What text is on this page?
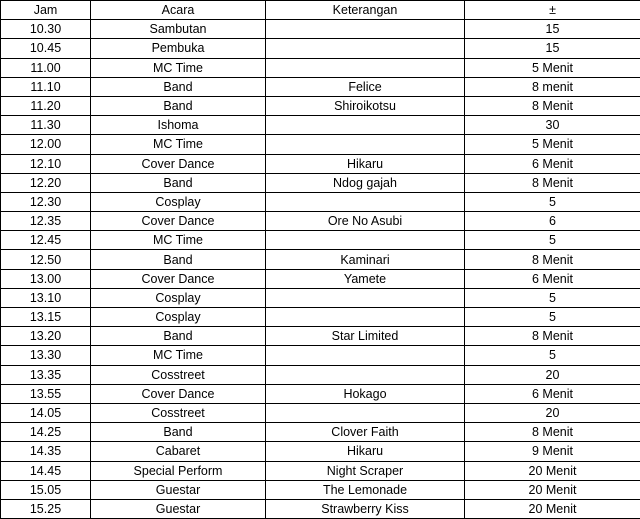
Jam	Acara	Keterangan	±
10.30	Sambutan		15
10.45	Pembuka		15
11.00	MC Time		5 Menit
11.10	Band	Felice	8 menit
11.20	Band	Shiroikotsu	8 Menit
11.30	Ishoma		30
12.00	MC Time		5 Menit
12.10	Cover Dance	Hikaru	6 Menit
12.20	Band	Ndog gajah	8 Menit
12.30	Cosplay		5
12.35	Cover Dance	Ore No Asubi	6
12.45	MC Time		5
12.50	Band	Kaminari	8 Menit
13.00	Cover Dance	Yamete	6 Menit
13.10	Cosplay		5
13.15	Cosplay		5
13.20	Band	Star Limited	8 Menit
13.30	MC Time		5
13.35	Cosstreet		20
13.55	Cover Dance	Hokago	6 Menit
14.05	Cosstreet		20
14.25	Band	Clover Faith	8 Menit
14.35	Cabaret	Hikaru	9 Menit
14.45	Special Perform	Night Scraper	20 Menit
15.05	Guestar	The Lemonade	20 Menit
15.25	Guestar	Strawberry Kiss	20 Menit
